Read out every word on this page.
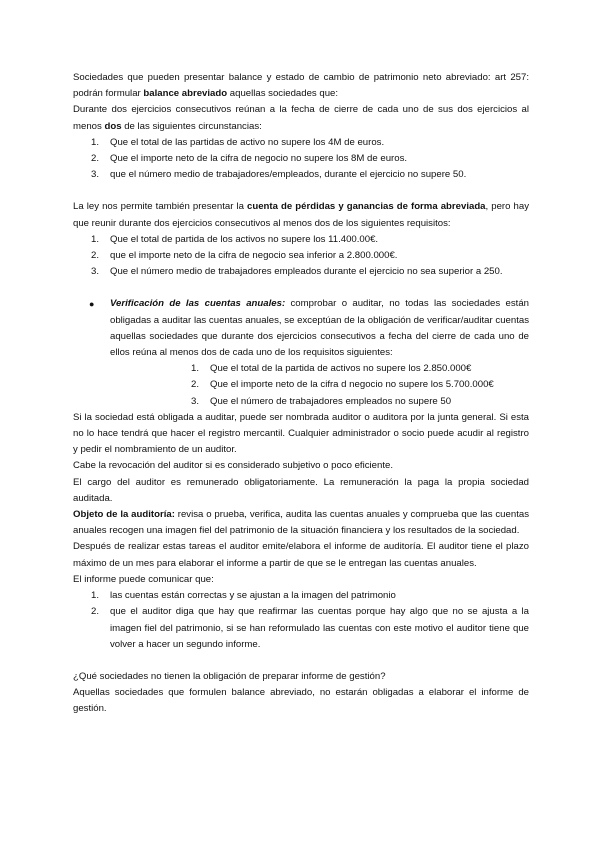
Sociedades que pueden presentar balance y estado de cambio de patrimonio neto abreviado: art 257: podrán formular balance abreviado aquellas sociedades que:

Durante dos ejercicios consecutivos reúnan a la fecha de cierre de cada uno de sus dos ejercicios al menos dos de las siguientes circunstancias:

1. Que el total de las partidas de activo no supere los 4M de euros.
2. Que el importe neto de la cifra de negocio no supere los 8M de euros.
3. que el número medio de trabajadores/empleados, durante el ejercicio no supere 50.

La ley nos permite también presentar la cuenta de pérdidas y ganancias de forma abreviada, pero hay que reunir durante dos ejercicios consecutivos al menos dos de los siguientes requisitos:

1. Que el total de partida de los activos no supere los 11.400.00€.
2. que el importe neto de la cifra de negocio sea inferior a 2.800.000€.
3. Que el número medio de trabajadores empleados durante el ejercicio no sea superior a 250.
● Verificación de las cuentas anuales: comprobar o auditar, no todas las sociedades están obligadas a auditar las cuentas anuales, se exceptúan de la obligación de verificar/auditar cuentas aquellas sociedades que durante dos ejercicios consecutivos a fecha del cierre de cada uno de ellos reúna al menos dos de cada uno de los requisitos siguientes:

1. Que el total de la partida de activos no supere los 2.850.000€
2. Que el importe neto de la cifra d negocio no supere los 5.700.000€
3. Que el número de trabajadores empleados no supere 50

Si la sociedad está obligada a auditar, puede ser nombrada auditor o auditora por la junta general. Si esta no lo hace tendrá que hacer el registro mercantil. Cualquier administrador o socio puede acudir al registro y pedir el nombramiento de un auditor.

Cabe la revocación del auditor si es considerado subjetivo o poco eficiente.

El cargo del auditor es remunerado obligatoriamente. La remuneración la paga la propia sociedad auditada.

Objeto de la auditoría: revisa o prueba, verifica, audita las cuentas anuales y comprueba que las cuentas anuales recogen una imagen fiel del patrimonio de la situación financiera y los resultados de la sociedad.

Después de realizar estas tareas el auditor emite/elabora el informe de auditoría. El auditor tiene el plazo máximo de un mes para elaborar el informe a partir de que se le entregan las cuentas anuales.

El informe puede comunicar que:

1. las cuentas están correctas y se ajustan a la imagen del patrimonio
2. que el auditor diga que hay que reafirmar las cuentas porque hay algo que no se ajusta a la imagen fiel del patrimonio, si se han reformulado las cuentas con este motivo el auditor tiene que volver a hacer un segundo informe.

¿Qué sociedades no tienen la obligación de preparar informe de gestión?

Aquellas sociedades que formulen balance abreviado, no estarán obligadas a elaborar el informe de gestión.
